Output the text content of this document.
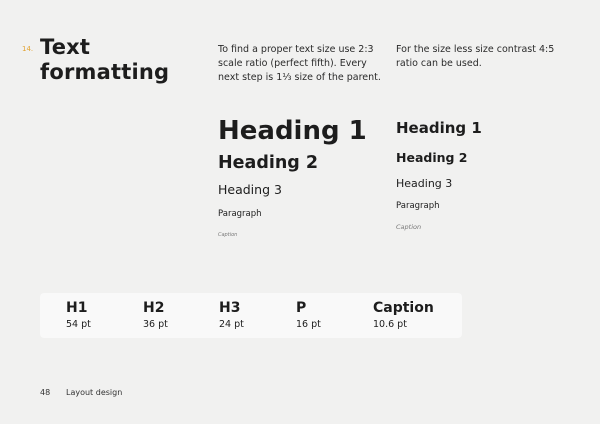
14. Text formatting

To find a proper text size use 2:3 scale ratio (perfect fifth). Every next step is 1⅓ size of the parent.

For the size less size contrast 4:5 ratio can be used.

Heading 1
Heading 2
Heading 3
Paragraph
Caption
Heading 1
Heading 2
Heading 3
Paragraph
Caption
H1
54 pt
H2
36 pt
H3
24 pt
P
16 pt
Caption
10.6 pt
48 Layout design
